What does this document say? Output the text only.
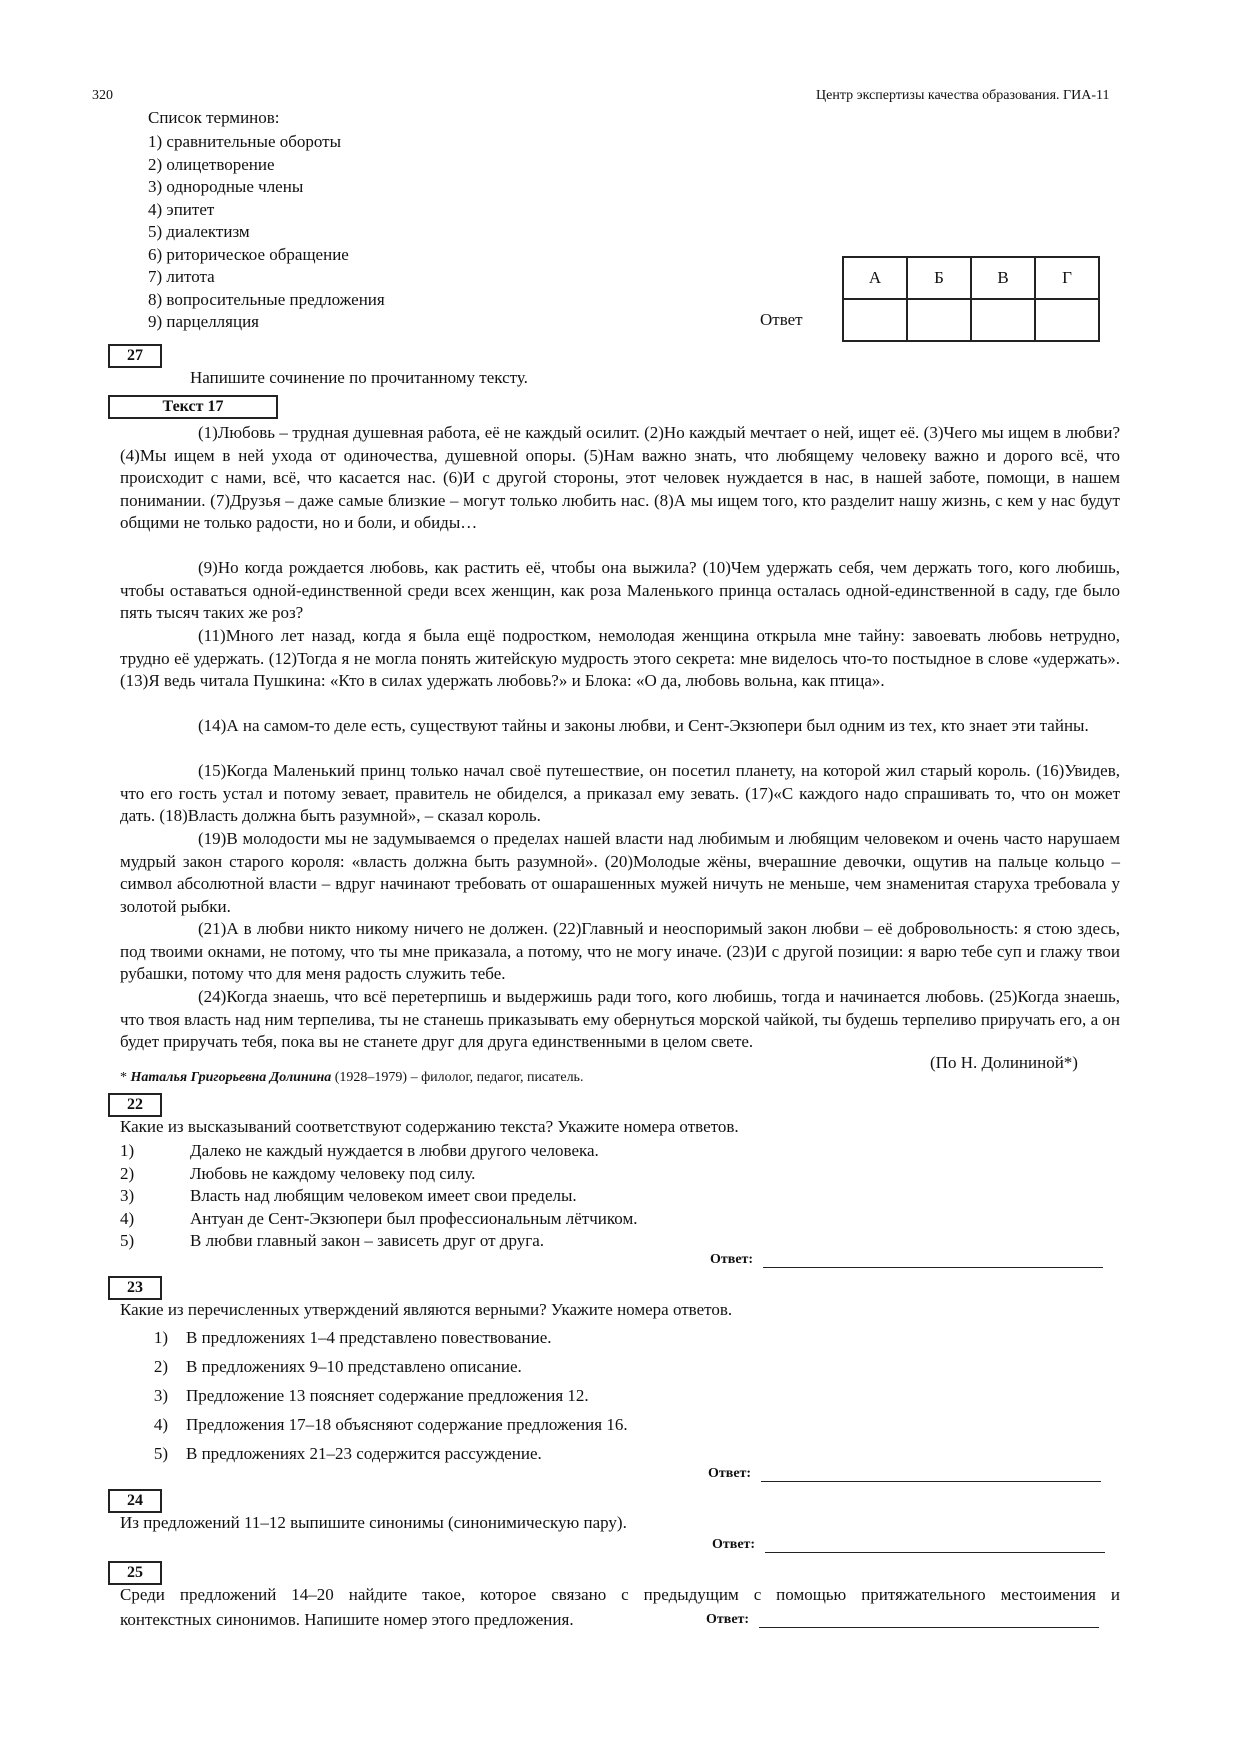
320	Центр экспертизы качества образования. ГИА-11
Список терминов:
1) сравнительные обороты
2) олицетворение
3) однородные члены
4) эпитет
5) диалектизм
6) риторическое обращение
7) литота
8) вопросительные предложения
9) парцелляция	Ответ
А	Б	В	Г

27
Напишите сочинение по прочитанному тексту.
Текст 17

(1)Любовь – трудная душевная работа, её не каждый осилит. (2)Но каждый мечтает о ней, ищет её. (3)Чего мы ищем в любви? (4)Мы ищем в ней ухода от одиночества, душевной опоры. (5)Нам важно знать, что любящему человеку важно и дорого всё, что происходит с нами, всё, что касается нас. (6)И с другой стороны, этот человек нуждается в нас, в нашей заботе, помощи, в нашем понимании. (7)Друзья – даже самые близкие – могут только любить нас. (8)А мы ищем того, кто разделит нашу жизнь, с кем у нас будут общими не только радости, но и боли, и обиды…

(9)Но когда рождается любовь, как растить её, чтобы она выжила? (10)Чем удержать себя, чем держать того, кого любишь, чтобы оставаться одной-единственной среди всех женщин, как роза Маленького принца осталась одной-единственной в саду, где было пять тысяч таких же роз?

(11)Много лет назад, когда я была ещё подростком, немолодая женщина открыла мне тайну: завоевать любовь нетрудно, трудно её удержать. (12)Тогда я не могла понять житейскую мудрость этого секрета: мне виделось что-то постыдное в слове «удержать». (13)Я ведь читала Пушкина: «Кто в силах удержать любовь?» и Блока: «О да, любовь вольна, как птица».

(14)А на самом-то деле есть, существуют тайны и законы любви, и Сент-Экзюпери был одним из тех, кто знает эти тайны.

(15)Когда Маленький принц только начал своё путешествие, он посетил планету, на которой жил старый король. (16)Увидев, что его гость устал и потому зевает, правитель не обиделся, а приказал ему зевать. (17)«С каждого надо спрашивать то, что он может дать. (18)Власть должна быть разумной», – сказал король.

(19)В молодости мы не задумываемся о пределах нашей власти над любимым и любящим человеком и очень часто нарушаем мудрый закон старого короля: «власть должна быть разумной». (20)Молодые жёны, вчерашние девочки, ощутив на пальце кольцо – символ абсолютной власти – вдруг начинают требовать от ошарашенных мужей ничуть не меньше, чем знаменитая старуха требовала у золотой рыбки.

(21)А в любви никто никому ничего не должен. (22)Главный и неоспоримый закон любви – её добровольность: я стою здесь, под твоими окнами, не потому, что ты мне приказала, а потому, что не могу иначе. (23)И с другой позиции: я варю тебе суп и глажу твои рубашки, потому что для меня радость служить тебе.

(24)Когда знаешь, что всё перетерпишь и выдержишь ради того, кого любишь, тогда и начинается любовь. (25)Когда знаешь, что твоя власть над ним терпелива, ты не станешь приказывать ему обернуться морской чайкой, ты будешь терпеливо приручать его, а он будет приручать тебя, пока вы не станете друг для друга единственными в целом свете.

(По Н. Долининой*)
* Наталья Григорьевна Долинина (1928–1979) – филолог, педагог, писатель.
22
Какие из высказываний соответствуют содержанию текста? Укажите номера ответов.
1)	Далеко не каждый нуждается в любви другого человека.
2)	Любовь не каждому человеку под силу.
3)	Власть над любящим человеком имеет свои пределы.
4)	Антуан де Сент-Экзюпери был профессиональным лётчиком.
5)	В любви главный закон – зависеть друг от друга.
Ответ:
23
Какие из перечисленных утверждений являются верными? Укажите номера ответов.
1) В предложениях 1–4 представлено повествование.
2) В предложениях 9–10 представлено описание.
3) Предложение 13 поясняет содержание предложения 12.
4) Предложения 17–18 объясняют содержание предложения 16.
5) В предложениях 21–23 содержится рассуждение.
Ответ:
24
Из предложений 11–12 выпишите синонимы (синонимическую пару).
Ответ:
25
Среди предложений 14–20 найдите такое, которое связано с предыдущим с помощью притяжательного местоимения и
контекстных синонимов. Напишите номер этого предложения.	Ответ:
